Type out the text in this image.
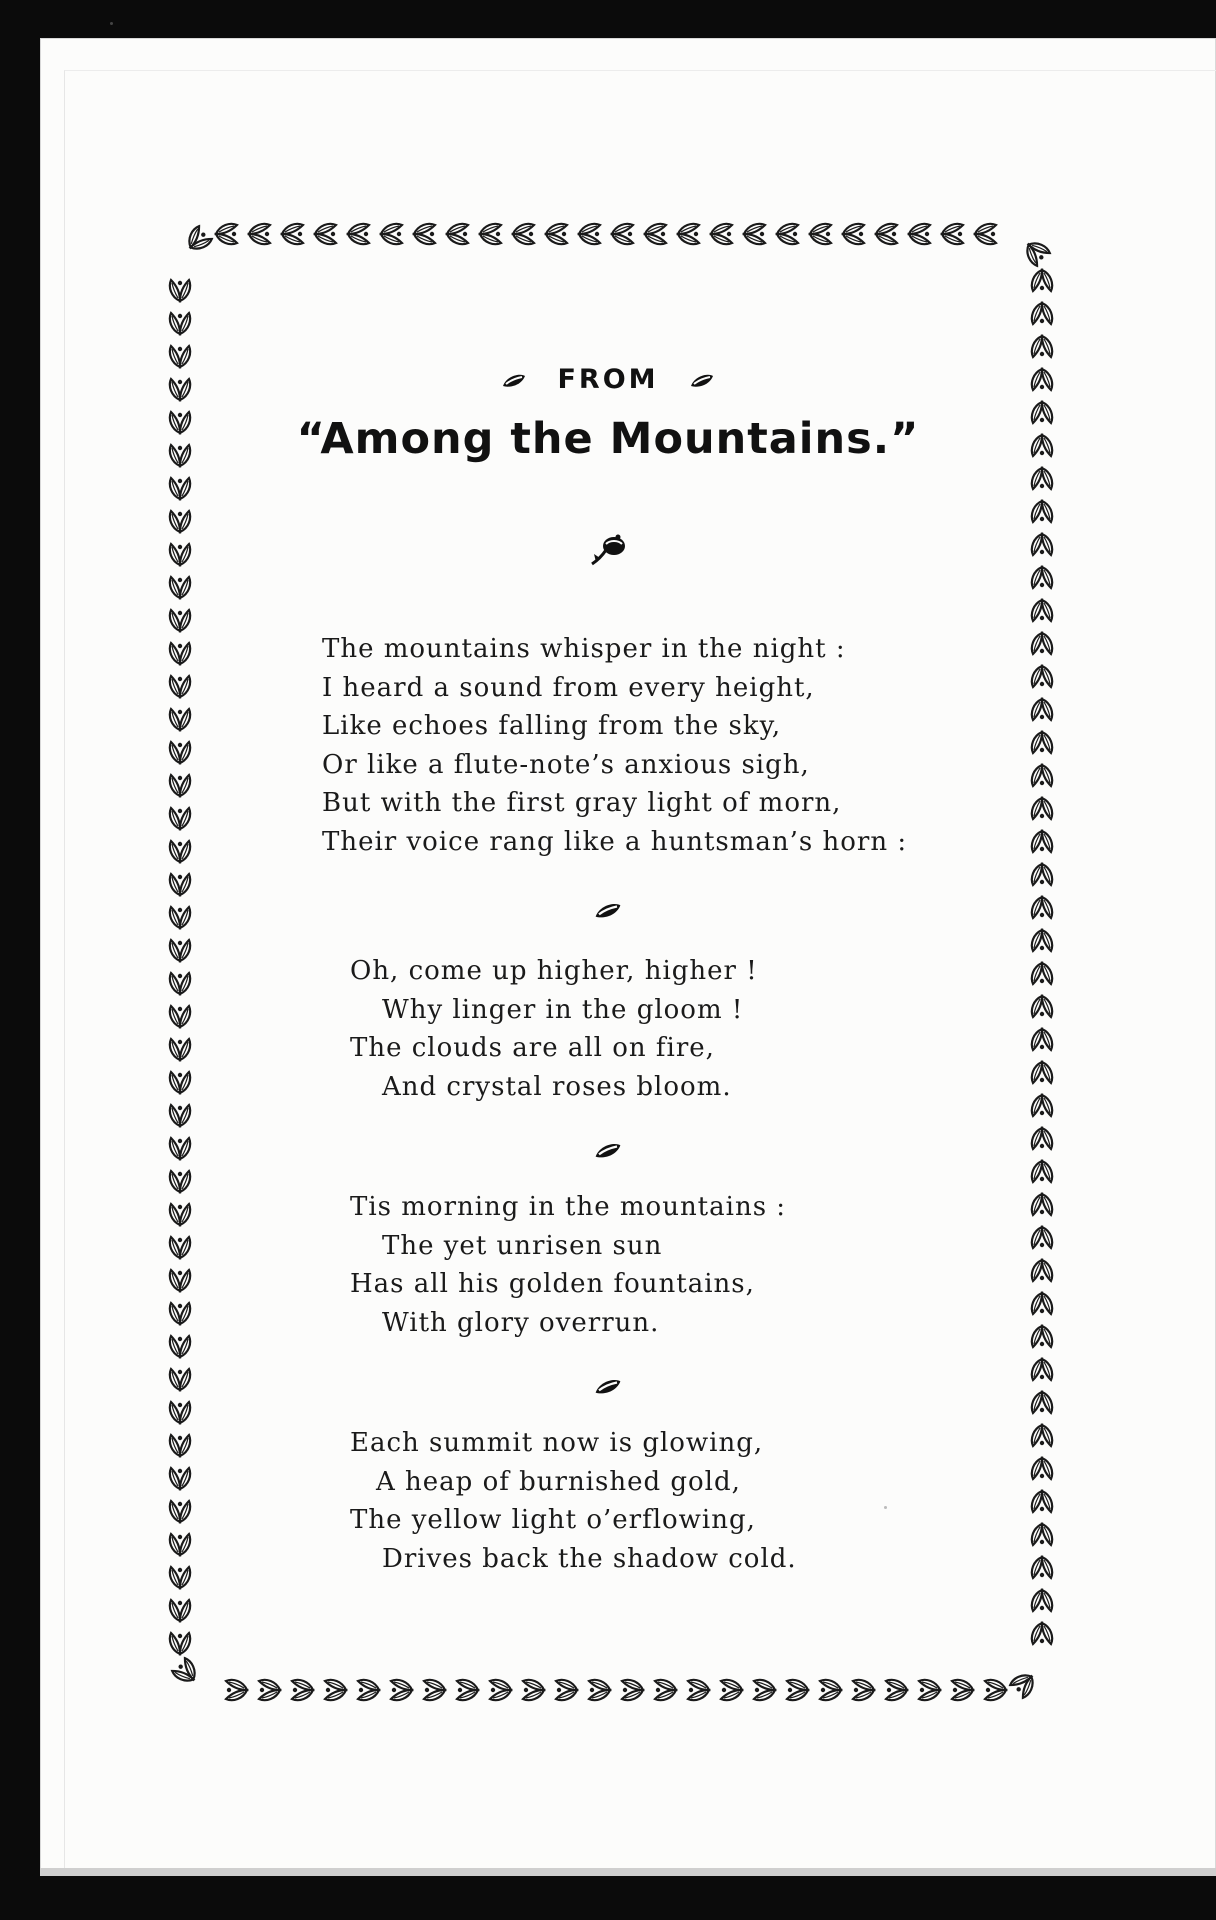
FROM
“Among the Mountains.”
The mountains whisper in the night :
I heard a sound from every height,
Like echoes falling from the sky,
Or like a flute-note’s anxious sigh,
But with the first gray light of morn,
Their voice rang like a huntsman’s horn :
Oh, come up higher, higher !
Why linger in the gloom !
The clouds are all on fire,
And crystal roses bloom.
Tis morning in the mountains :
The yet unrisen sun
Has all his golden fountains,
With glory overrun.
Each summit now is glowing,
A heap of burnished gold,
The yellow light o’erflowing,
Drives back the shadow cold.
